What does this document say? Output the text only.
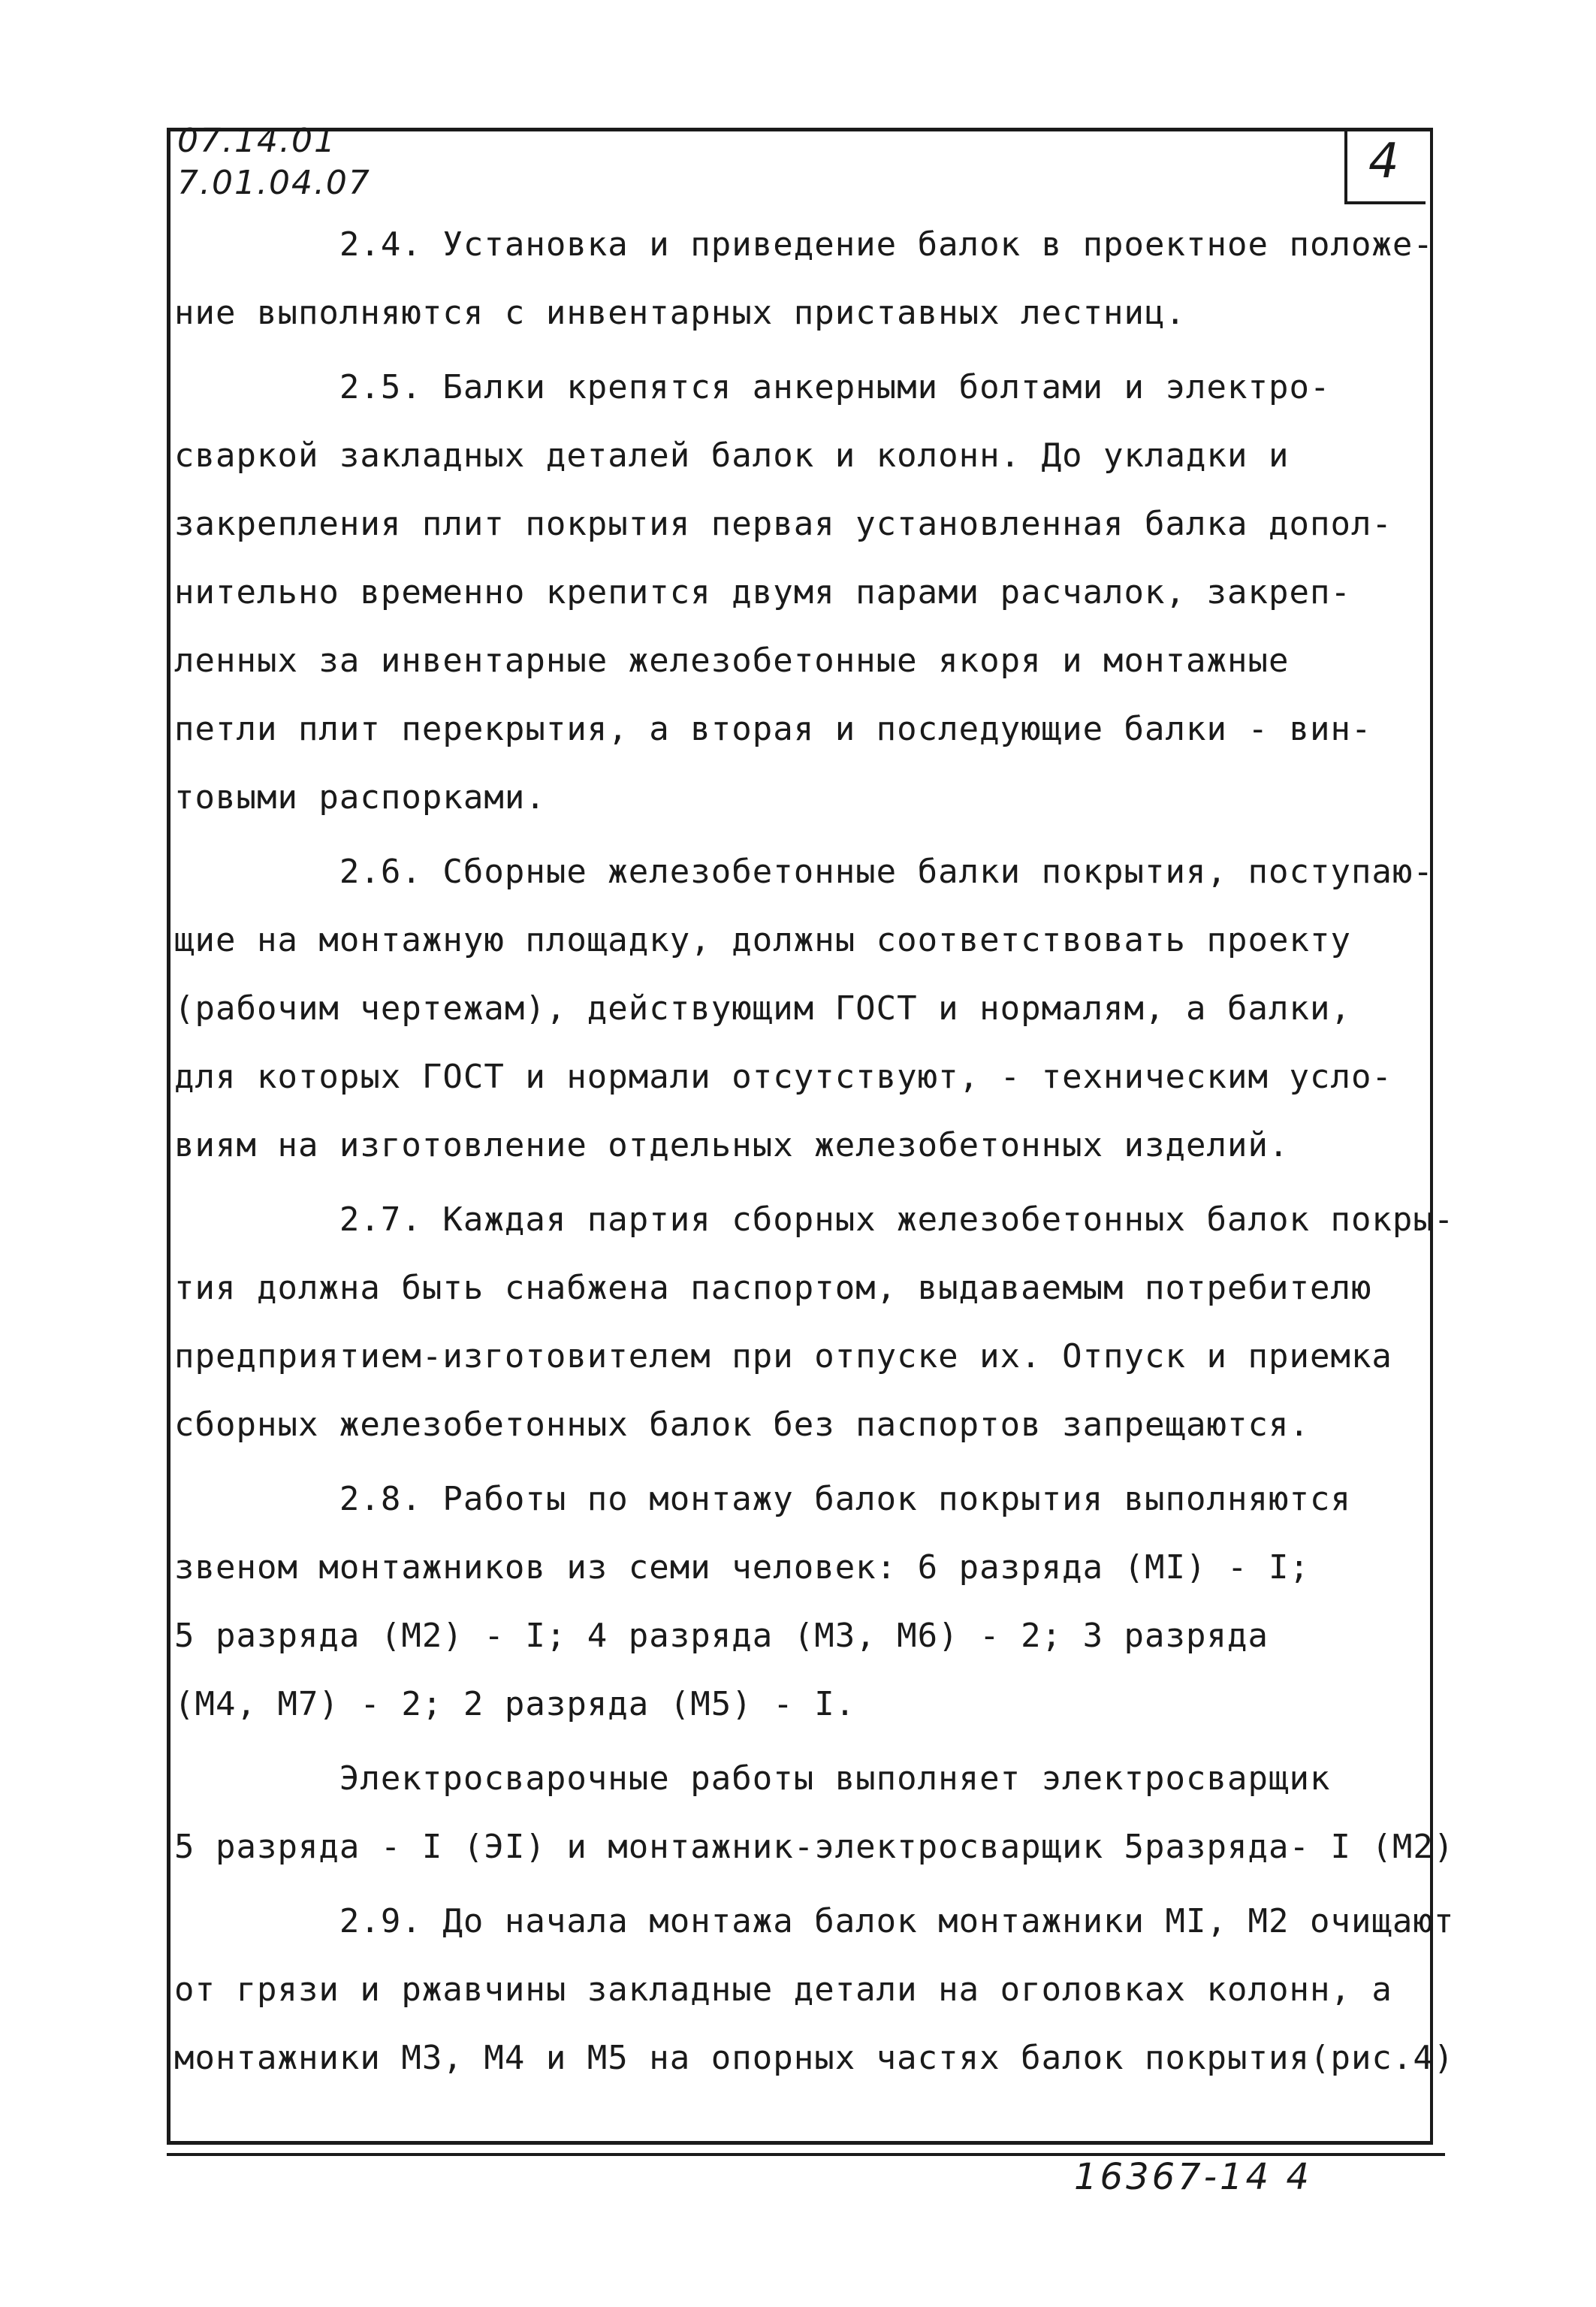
07.14.01
7.01.04.07	4
2.4. Установка и приведение балок в проектное положе-
ние выполняются с инвентарных приставных лестниц.
2.5. Балки крепятся анкерными болтами и электро-
сваркой закладных деталей балок и колонн. До укладки и
закрепления плит покрытия первая установленная балка допол-
нительно временно крепится двумя парами расчалок, закреп-
ленных за инвентарные железобетонные якоря и монтажные
петли плит перекрытия, а вторая и последующие балки - вин-
товыми распорками.
2.6. Сборные железобетонные балки покрытия, поступаю-
щие на монтажную площадку, должны соответствовать проекту
(рабочим чертежам), действующим ГОСТ и нормалям, а балки,
для которых ГОСТ и нормали отсутствуют, - техническим усло-
виям на изготовление отдельных железобетонных изделий.
2.7. Каждая партия сборных железобетонных балок покры-
тия должна быть снабжена паспортом, выдаваемым потребителю
предприятием-изготовителем при отпуске их. Отпуск и приемка
сборных железобетонных балок без паспортов запрещаются.
2.8. Работы по монтажу балок покрытия выполняются
звеном монтажников из семи человек: 6 разряда (МI) - I;
5 разряда (М2) - I; 4 разряда (М3, М6) - 2; 3 разряда
(М4, М7) - 2; 2 разряда (М5) - I.
Электросварочные работы выполняет электросварщик
5 разряда - I (ЭI) и монтажник-электросварщик 5разряда- I (M2)
2.9. До начала монтажа балок монтажники МI, М2 очищают
от грязи и ржавчины закладные детали на оголовках колонн, а
монтажники М3, М4 и М5 на опорных частях балок покрытия(рис.4)
16367-14 4
